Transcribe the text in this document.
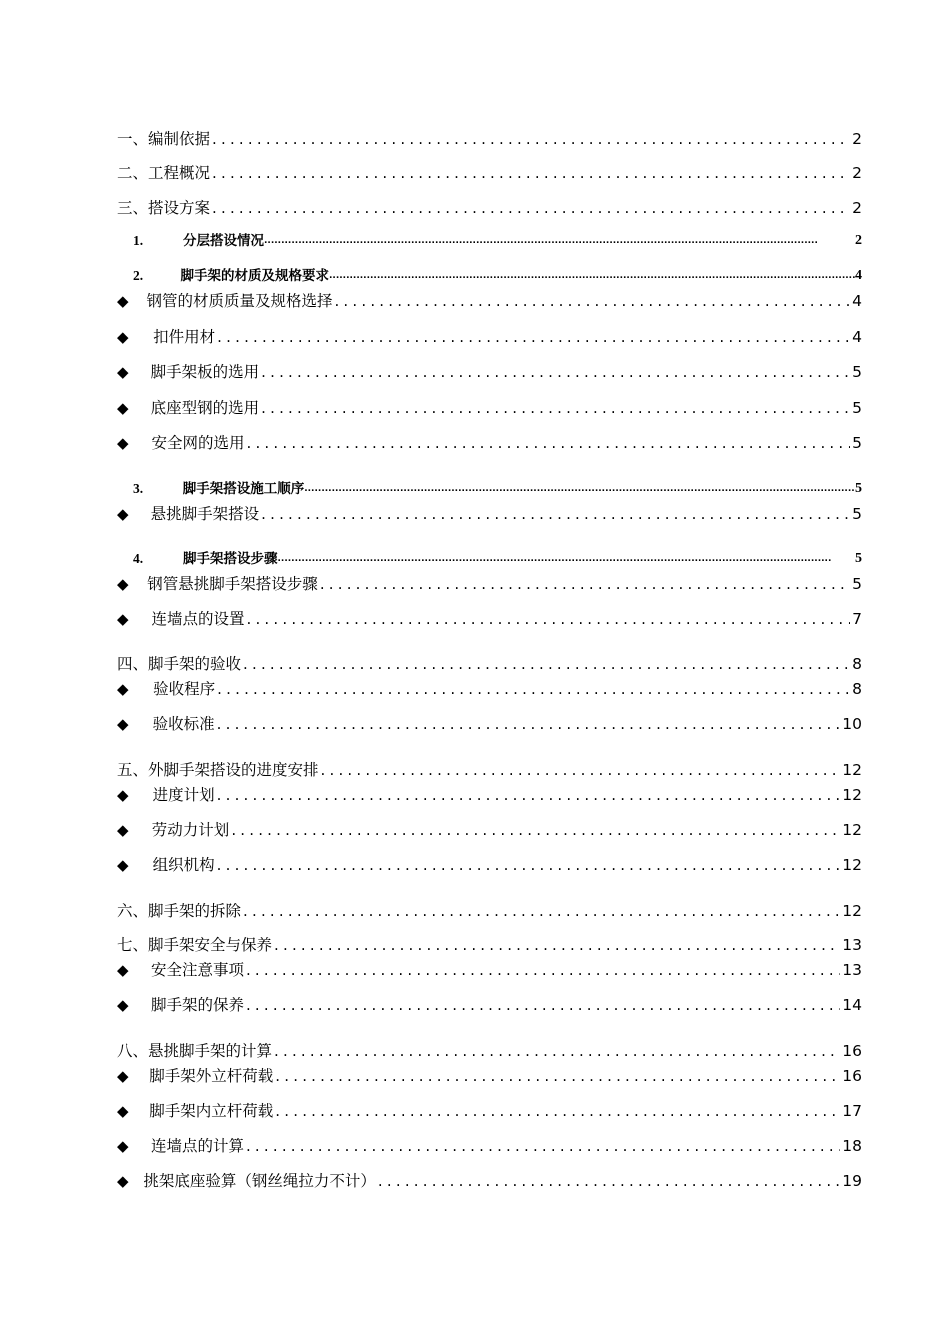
一、 编制依据 .....	2
二、 工程概况 .....	2
三、 搭设方案 .....	2
1.	分层搭设情况 .....	2
2.	脚手架的材质及规格要求 .....	4
◆	钢管的材质质量及规格选择 .....	4
◆	扣件用材 .....	4
◆	脚手架板的选用 .....	5
◆	底座型钢的选用 .....	5
◆	安全网的选用 .....	5
3.	脚手架搭设施工顺序 .....	5
◆	悬挑脚手架搭设 .....	5
4.	脚手架搭设步骤 .....	5
◆	钢管悬挑脚手架搭设步骤 .....	5
◆	连墙点的设置 .....	7
四、 脚手架的验收 .....	8
◆	验收程序 .....	8
◆	验收标准 .....	10
五、 外脚手架搭设的进度安排 .....	12
◆	进度计划 .....	12
◆	劳动力计划 .....	12
◆	组织机构 .....	12
六、 脚手架的拆除 .....	12
七、 脚手架安全与保养 .....	13
◆	安全注意事项 .....	13
◆	脚手架的保养 .....	14
八、 悬挑脚手架的计算 .....	16
◆	脚手架外立杆荷载 .....	16
◆	脚手架内立杆荷载 .....	17
◆	连墙点的计算 .....	18
◆ 挑架底座验算（钢丝绳拉力不计） .....	19
